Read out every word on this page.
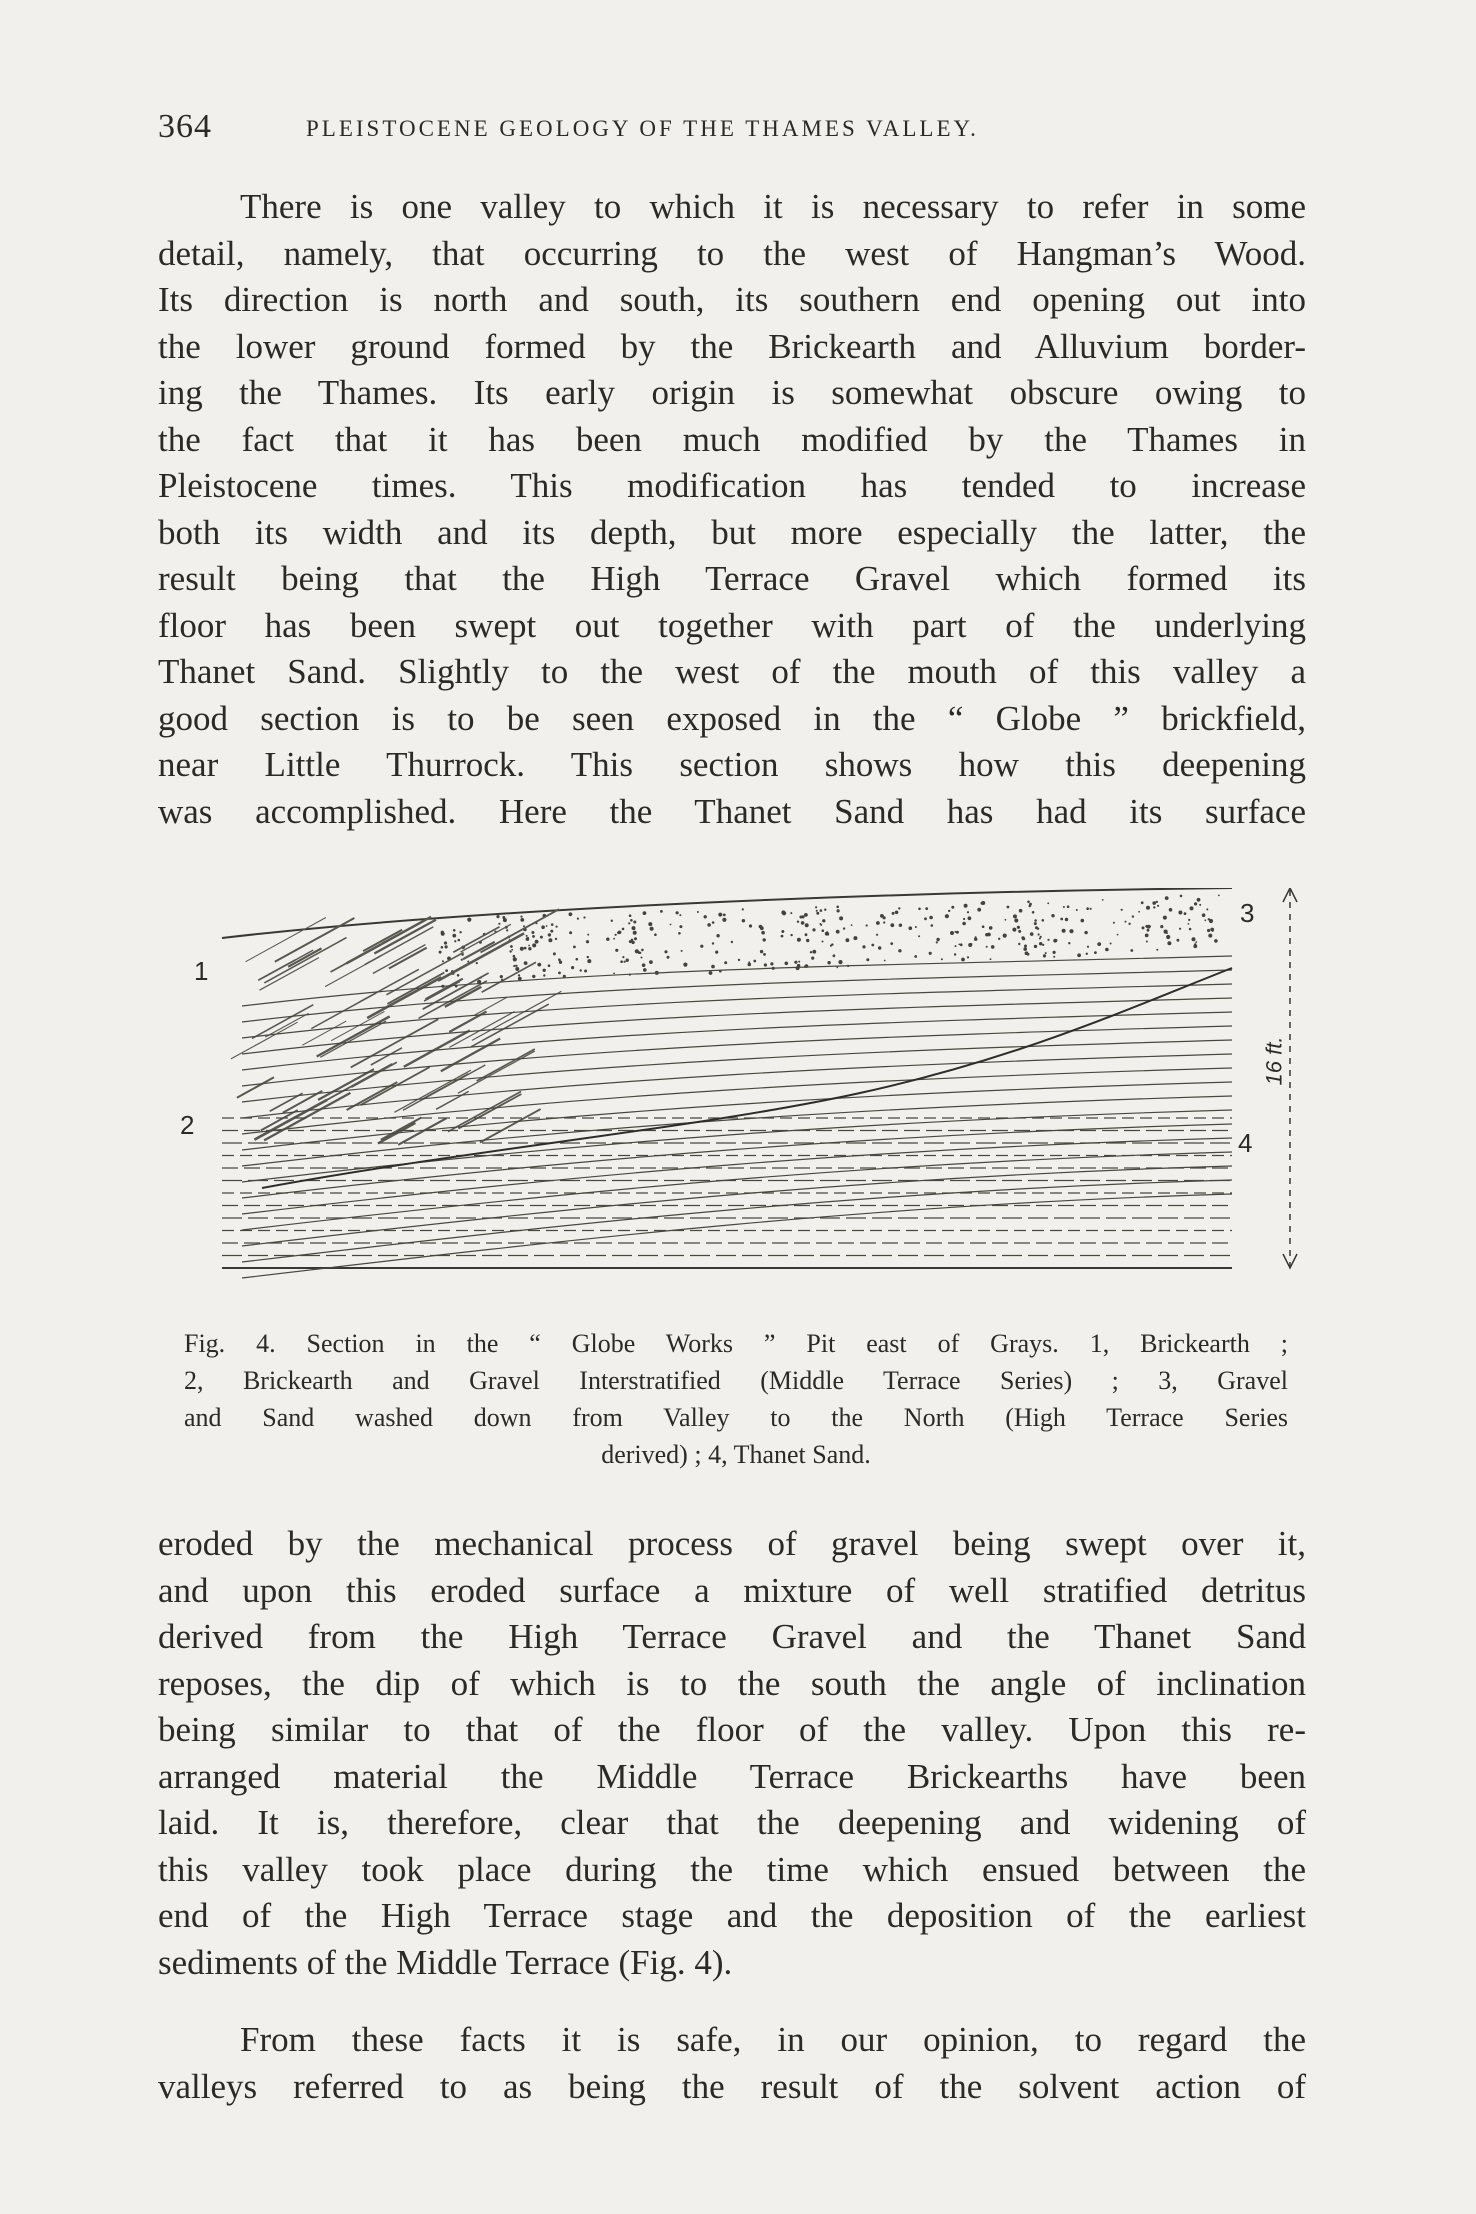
364	PLEISTOCENE GEOLOGY OF THE THAMES VALLEY.
There is one valley to which it is necessary to refer in some
detail, namely, that occurring to the west of Hangman’s Wood.
Its direction is north and south, its southern end opening out into
the lower ground formed by the Brickearth and Alluvium border-
ing the Thames. Its early origin is somewhat obscure owing to
the fact that it has been much modified by the Thames in
Pleistocene times. This modification has tended to increase
both its width and its depth, but more especially the latter, the
result being that the High Terrace Gravel which formed its
floor has been swept out together with part of the underlying
Thanet Sand. Slightly to the west of the mouth of this valley a
good section is to be seen exposed in the “ Globe ” brickfield,
near Little Thurrock. This section shows how this deepening
was accomplished. Here the Thanet Sand has had its surface
1
2
3
4
16 ft.
Fig. 4. Section in the “ Globe Works ” Pit east of Grays. 1, Brickearth ;
2, Brickearth and Gravel Interstratified (Middle Terrace Series) ; 3, Gravel
and Sand washed down from Valley to the North (High Terrace Series
derived) ; 4, Thanet Sand.
eroded by the mechanical process of gravel being swept over it,
and upon this eroded surface a mixture of well stratified detritus
derived from the High Terrace Gravel and the Thanet Sand
reposes, the dip of which is to the south the angle of inclination
being similar to that of the floor of the valley. Upon this re-
arranged material the Middle Terrace Brickearths have been
laid. It is, therefore, clear that the deepening and widening of
this valley took place during the time which ensued between the
end of the High Terrace stage and the deposition of the earliest
sediments of the Middle Terrace (Fig. 4).
From these facts it is safe, in our opinion, to regard the
valleys referred to as being the result of the solvent action of
